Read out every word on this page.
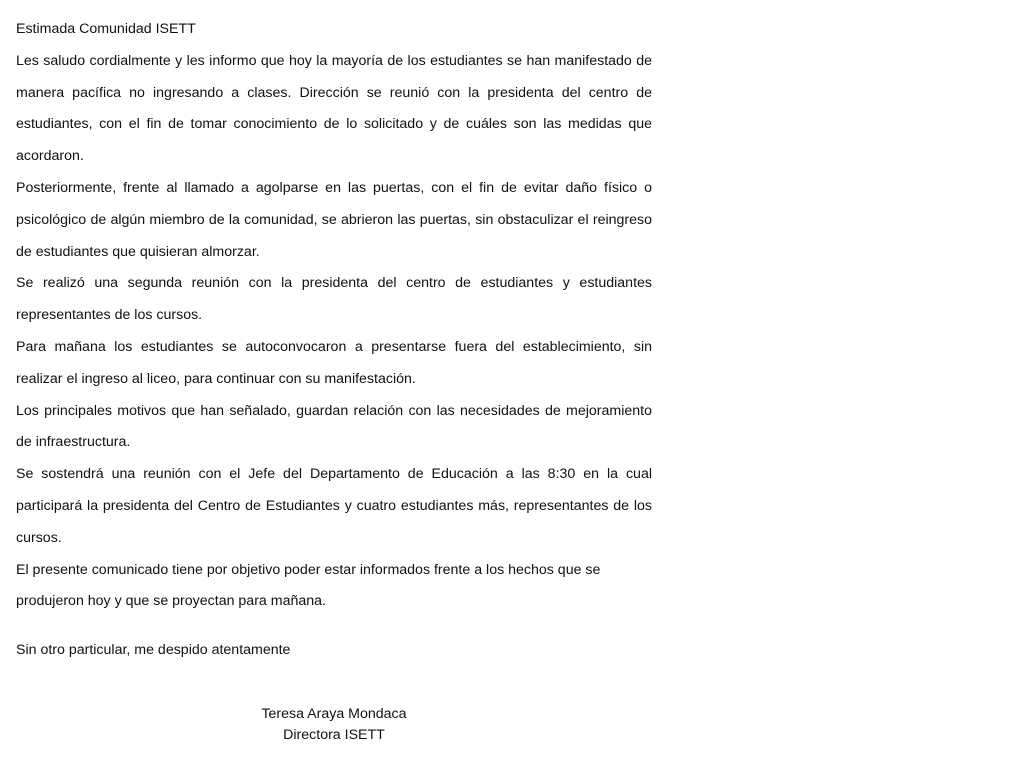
Estimada Comunidad ISETT

Les saludo cordialmente y les informo que hoy la mayoría de los estudiantes se han manifestado de manera pacífica no ingresando a clases. Dirección se reunió con la presidenta del centro de estudiantes, con el fin de tomar conocimiento de lo solicitado y de cuáles son las medidas que acordaron.

Posteriormente, frente al llamado a agolparse en las puertas, con el fin de evitar daño físico o psicológico de algún miembro de la comunidad, se abrieron las puertas, sin obstaculizar el reingreso de estudiantes que quisieran almorzar.

Se realizó una segunda reunión con la presidenta del centro de estudiantes y estudiantes representantes de los cursos.

Para mañana los estudiantes se autoconvocaron a presentarse fuera del establecimiento, sin realizar el ingreso al liceo, para continuar con su manifestación.

Los principales motivos que han señalado, guardan relación con las necesidades de mejoramiento de infraestructura.

Se sostendrá una reunión con el Jefe del Departamento de Educación a las 8:30 en la cual participará la presidenta del Centro de Estudiantes y cuatro estudiantes más, representantes de los cursos.

El presente comunicado tiene por objetivo poder estar informados frente a los hechos que se produjeron hoy y que se proyectan para mañana.

Sin otro particular, me despido atentamente

Teresa Araya Mondaca
Directora ISETT
